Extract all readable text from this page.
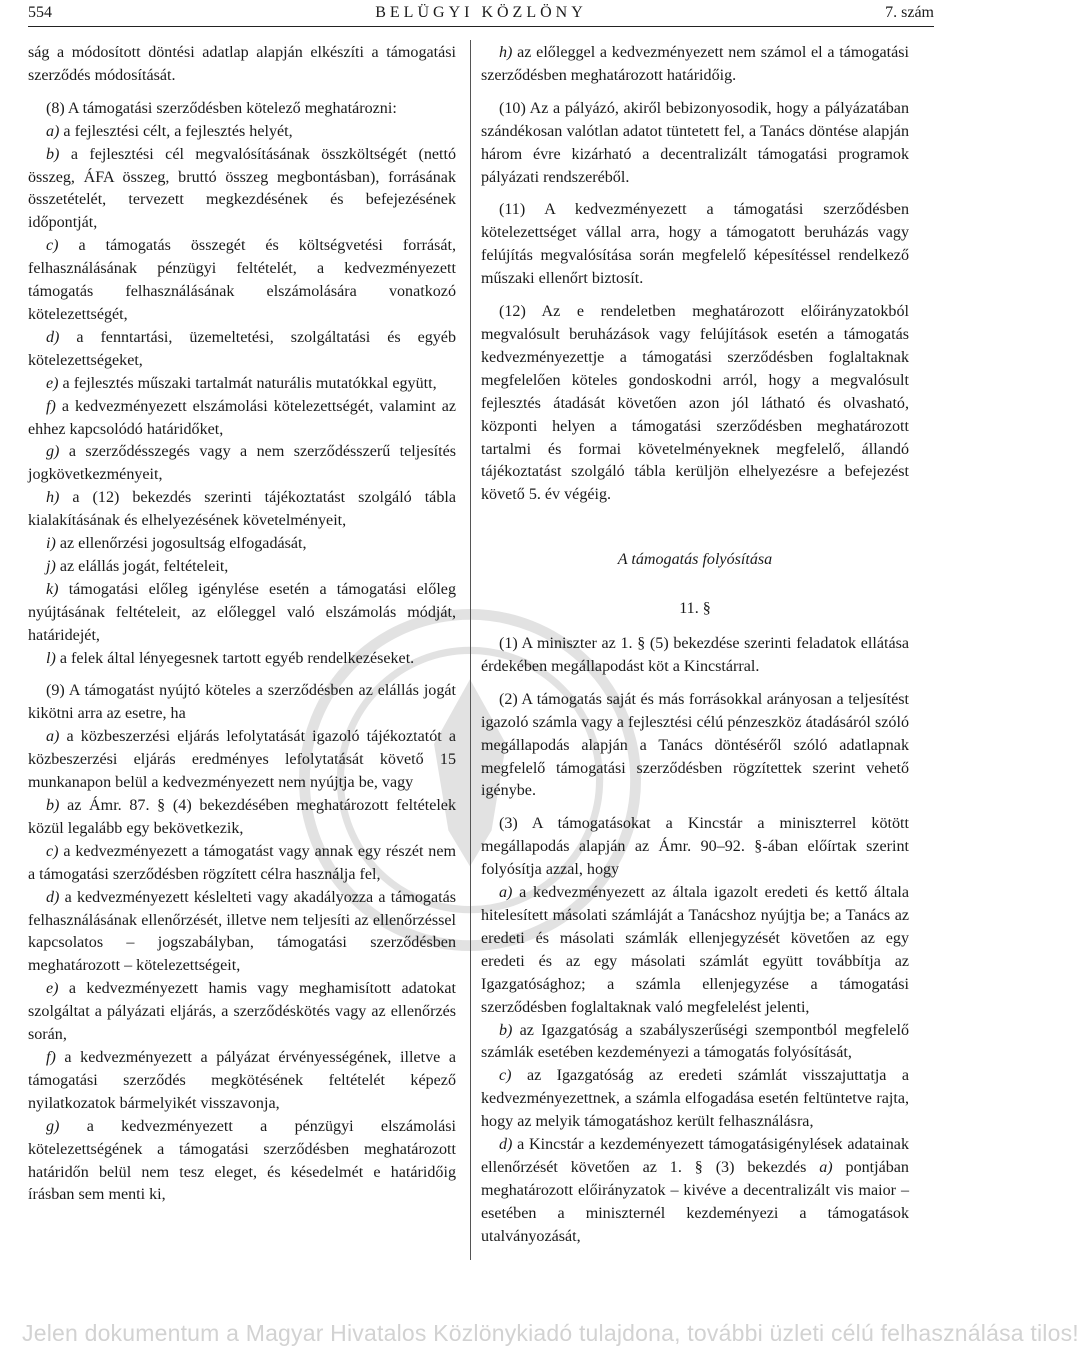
554	BELÜGYI KÖZLÖNY	7. szám

ság a módosított döntési adatlap alapján elkészíti a támogatási szerződés módosítását.

(8) A támogatási szerződésben kötelező meghatározni:

a) a fejlesztési célt, a fejlesztés helyét,

b) a fejlesztési cél megvalósításának összköltségét (nettó összeg, ÁFA összeg, bruttó összeg megbontásban), forrásának összetételét, tervezett megkezdésének és befejezésének időpontját,

c) a támogatás összegét és költségvetési forrását, felhasználásának pénzügyi feltételét, a kedvezményezett támogatás felhasználásának elszámolására vonatkozó kötelezettségét,

d) a fenntartási, üzemeltetési, szolgáltatási és egyéb kötelezettségeket,

e) a fejlesztés műszaki tartalmát naturális mutatókkal együtt,

f) a kedvezményezett elszámolási kötelezettségét, valamint az ehhez kapcsolódó határidőket,

g) a szerződésszegés vagy a nem szerződésszerű teljesítés jogkövetkezményeit,

h) a (12) bekezdés szerinti tájékoztatást szolgáló tábla kialakításának és elhelyezésének követelményeit,

i) az ellenőrzési jogosultság elfogadását,

j) az elállás jogát, feltételeit,

k) támogatási előleg igénylése esetén a támogatási előleg nyújtásának feltételeit, az előleggel való elszámolás módját, határidejét,

l) a felek által lényegesnek tartott egyéb rendelkezéseket.

(9) A támogatást nyújtó köteles a szerződésben az elállás jogát kikötni arra az esetre, ha

a) a közbeszerzési eljárás lefolytatását igazoló tájékoztatót a közbeszerzési eljárás eredményes lefolytatását követő 15 munkanapon belül a kedvezményezett nem nyújtja be, vagy

b) az Ámr. 87. § (4) bekezdésében meghatározott feltételek közül legalább egy bekövetkezik,

c) a kedvezményezett a támogatást vagy annak egy részét nem a támogatási szerződésben rögzített célra használja fel,

d) a kedvezményezett késlelteti vagy akadályozza a támogatás felhasználásának ellenőrzését, illetve nem teljesíti az ellenőrzéssel kapcsolatos – jogszabályban, támogatási szerződésben meghatározott – kötelezettségeit,

e) a kedvezményezett hamis vagy meghamisított adatokat szolgáltat a pályázati eljárás, a szerződéskötés vagy az ellenőrzés során,

f) a kedvezményezett a pályázat érvényességének, illetve a támogatási szerződés megkötésének feltételét képező nyilatkozatok bármelyikét visszavonja,

g) a kedvezményezett a pénzügyi elszámolási kötelezettségének a támogatási szerződésben meghatározott határidőn belül nem tesz eleget, és késedelmét e határidőig írásban sem menti ki,

h) az előleggel a kedvezményezett nem számol el a támogatási szerződésben meghatározott határidőig.

(10) Az a pályázó, akiről bebizonyosodik, hogy a pályázatában szándékosan valótlan adatot tüntetett fel, a Tanács döntése alapján három évre kizárható a decentralizált támogatási programok pályázati rendszeréből.

(11) A kedvezményezett a támogatási szerződésben kötelezettséget vállal arra, hogy a támogatott beruházás vagy felújítás megvalósítása során megfelelő képesítéssel rendelkező műszaki ellenőrt biztosít.

(12) Az e rendeletben meghatározott előirányzatokból megvalósult beruházások vagy felújítások esetén a támogatás kedvezményezettje a támogatási szerződésben foglaltaknak megfelelően köteles gondoskodni arról, hogy a megvalósult fejlesztés átadását követően azon jól látható és olvasható, központi helyen a támogatási szerződésben meghatározott tartalmi és formai követelményeknek megfelelő, állandó tájékoztatást szolgáló tábla kerüljön elhelyezésre a befejezést követő 5. év végéig.

A támogatás folyósítása

11. §

(1) A miniszter az 1. § (5) bekezdése szerinti feladatok ellátása érdekében megállapodást köt a Kincstárral.

(2) A támogatás saját és más forrásokkal arányosan a teljesítést igazoló számla vagy a fejlesztési célú pénzeszköz átadásáról szóló megállapodás alapján a Tanács döntéséről szóló adatlapnak megfelelő támogatási szerződésben rögzítettek szerint vehető igénybe.

(3) A támogatásokat a Kincstár a miniszterrel kötött megállapodás alapján az Ámr. 90–92. §-ában előírtak szerint folyósítja azzal, hogy

a) a kedvezményezett az általa igazolt eredeti és kettő általa hitelesített másolati számláját a Tanácshoz nyújtja be; a Tanács az eredeti és másolati számlák ellenjegyzését követően az egy eredeti és az egy másolati számlát együtt továbbítja az Igazgatósághoz; a számla ellenjegyzése a támogatási szerződésben foglaltaknak való megfelelést jelenti,

b) az Igazgatóság a szabályszerűségi szempontból megfelelő számlák esetében kezdeményezi a támogatás folyósítását,

c) az Igazgatóság az eredeti számlát visszajuttatja a kedvezményezettnek, a számla elfogadása esetén feltüntetve rajta, hogy az melyik támogatáshoz került felhasználásra,

d) a Kincstár a kezdeményezett támogatásigénylések adatainak ellenőrzését követően az 1. § (3) bekezdés a) pontjában meghatározott előirányzatok – kivéve a decentralizált vis maior – esetében a miniszternél kezdeményezi a támogatások utalványozását,

Jelen dokumentum a Magyar Hivatalos Közlönykiadó tulajdona, további üzleti célú felhasználása tilos!
